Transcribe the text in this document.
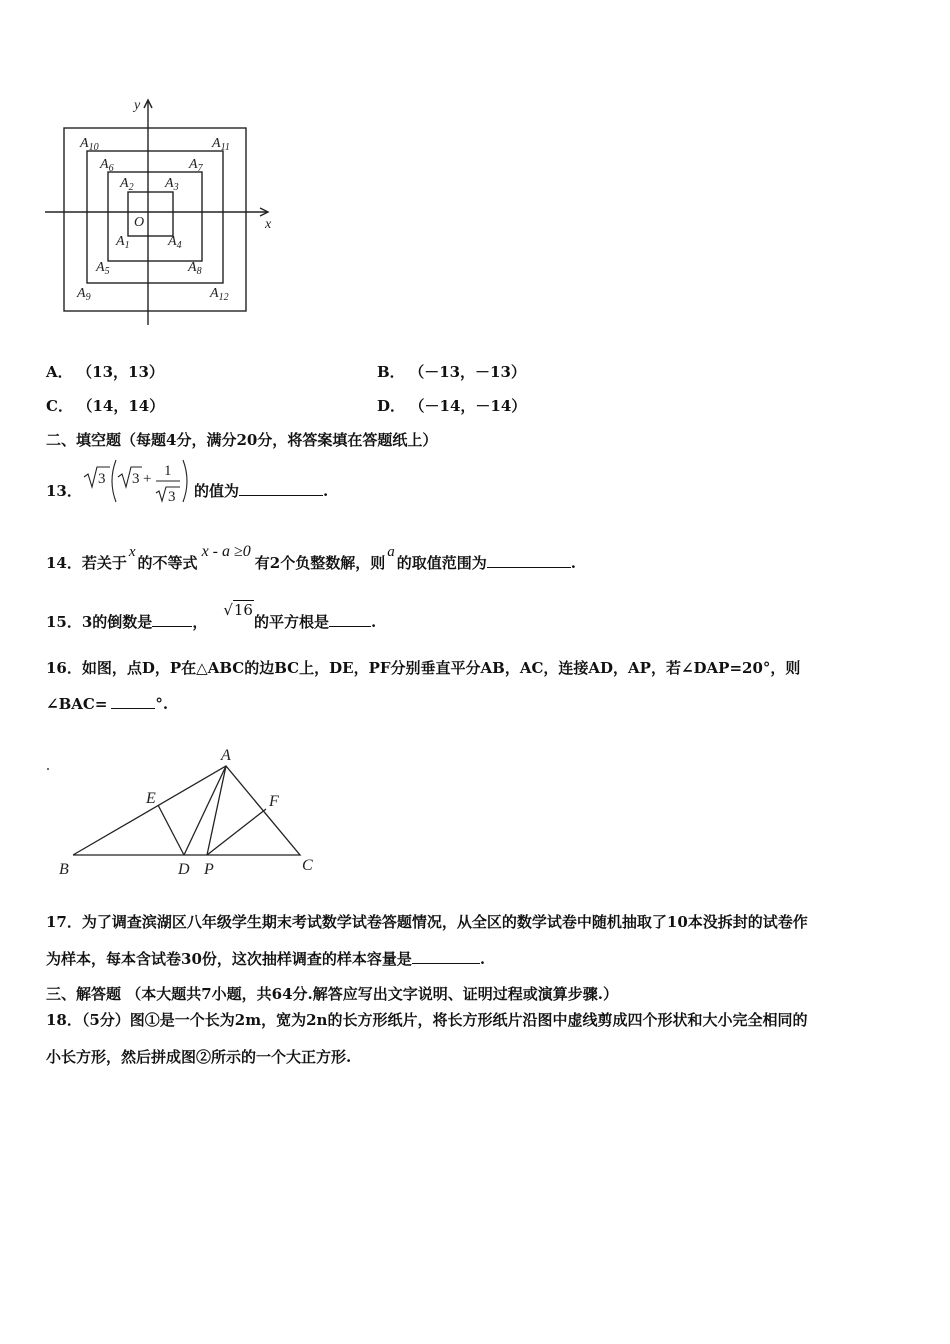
y
x
O
$A_{10}$	$A_{11}$
$A_6$	$A_7$
$A_2$ $A_3$
$A_1$	$A_4$
$A_5$	$A_8$
$A_9$	$A_{12}$
A． （13，13）	B． （－13，－13）
C． （14，14）	D． （－14，－14）
二、填空题（每题4分，满分20分，将答案填在答题纸上）
13．
3 3 + 1
3 的值为	.
14．若关于x的不等式x - a ≥0有2个负整数解，则a的取值范围为	.
15．3的倒数是	，√16的平方根是	.
16．如图，点D，P在△ABC的边BC上，DE，PF分别垂直平分AB，AC，连接AD，AP，若∠DAP=20°，则
∠BAC=	°.
A
E	F
B	D P	C
17．为了调查滨湖区八年级学生期末考试数学试卷答题情况，从全区的数学试卷中随机抽取了10本没拆封的试卷作
为样本，每本含试卷30份，这次抽样调查的样本容量是	.
三、解答题 （本大题共7小题，共64分.解答应写出文字说明、证明过程或演算步骤.）
18．（5分）图①是一个长为2m，宽为2n的长方形纸片，将长方形纸片沿图中虚线剪成四个形状和大小完全相同的
小长方形，然后拼成图②所示的一个大正方形.
